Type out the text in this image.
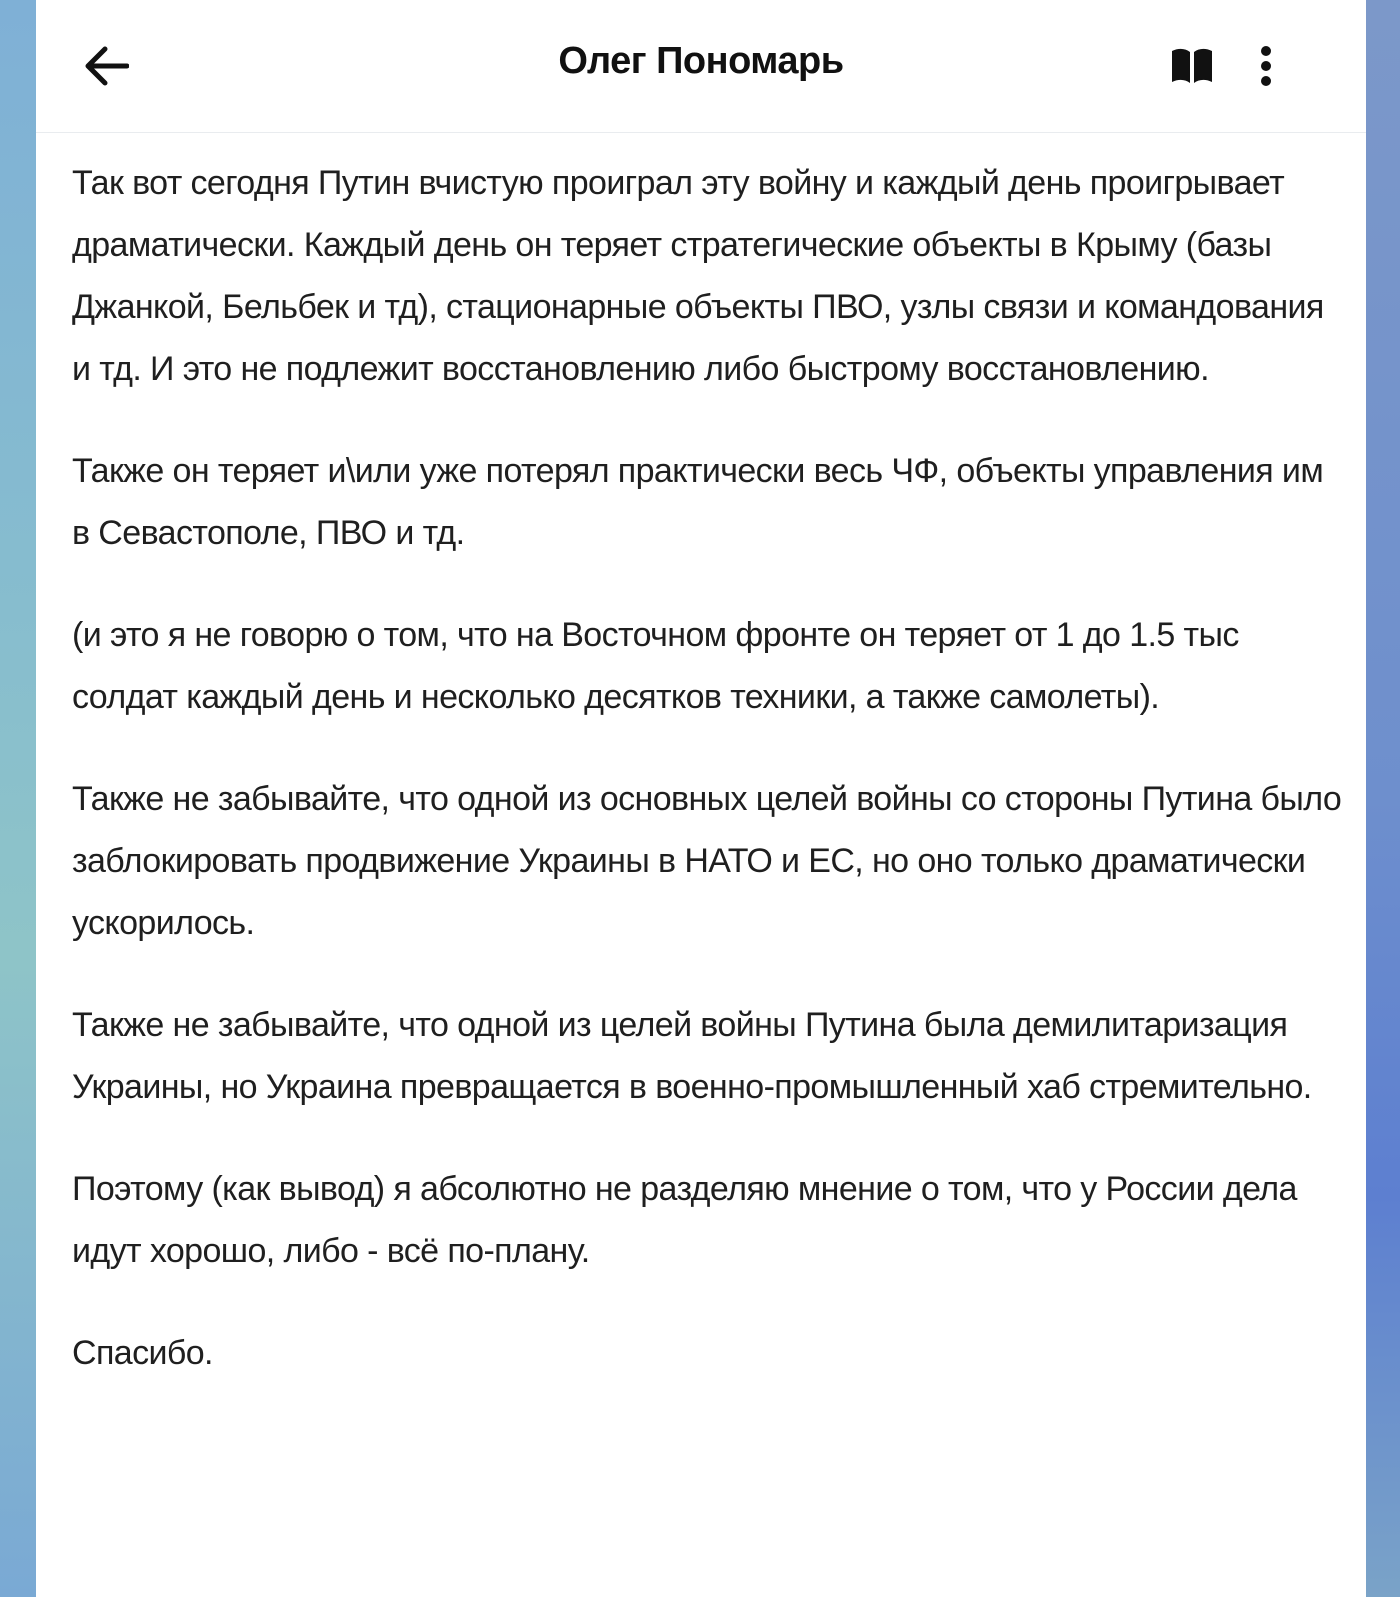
Олег Пономарь

Так вот сегодня Путин вчистую проиграл эту войну и каждый день проигрывает драматически. Каждый день он теряет стратегические объекты в Крыму (базы Джанкой, Бельбек и тд), стационарные объекты ПВО, узлы связи и командования и тд. И это не подлежит восстановлению либо быстрому восстановлению.

Также он теряет и\или уже потерял практически весь ЧФ, объекты управления им в Севастополе, ПВО и тд.

(и это я не говорю о том, что на Восточном фронте он теряет от 1 до 1.5 тыс солдат каждый день и несколько десятков техники, а также самолеты).

Также не забывайте, что одной из основных целей войны со стороны Путина было заблокировать продвижение Украины в НАТО и ЕС, но оно только драматически ускорилось.

Также не забывайте, что одной из целей войны Путина была демилитаризация Украины, но Украина превращается в военно-промышленный хаб стремительно.

Поэтому (как вывод) я абсолютно не разделяю мнение о том, что у России дела идут хорошо, либо - всё по-плану.

Спасибо.
